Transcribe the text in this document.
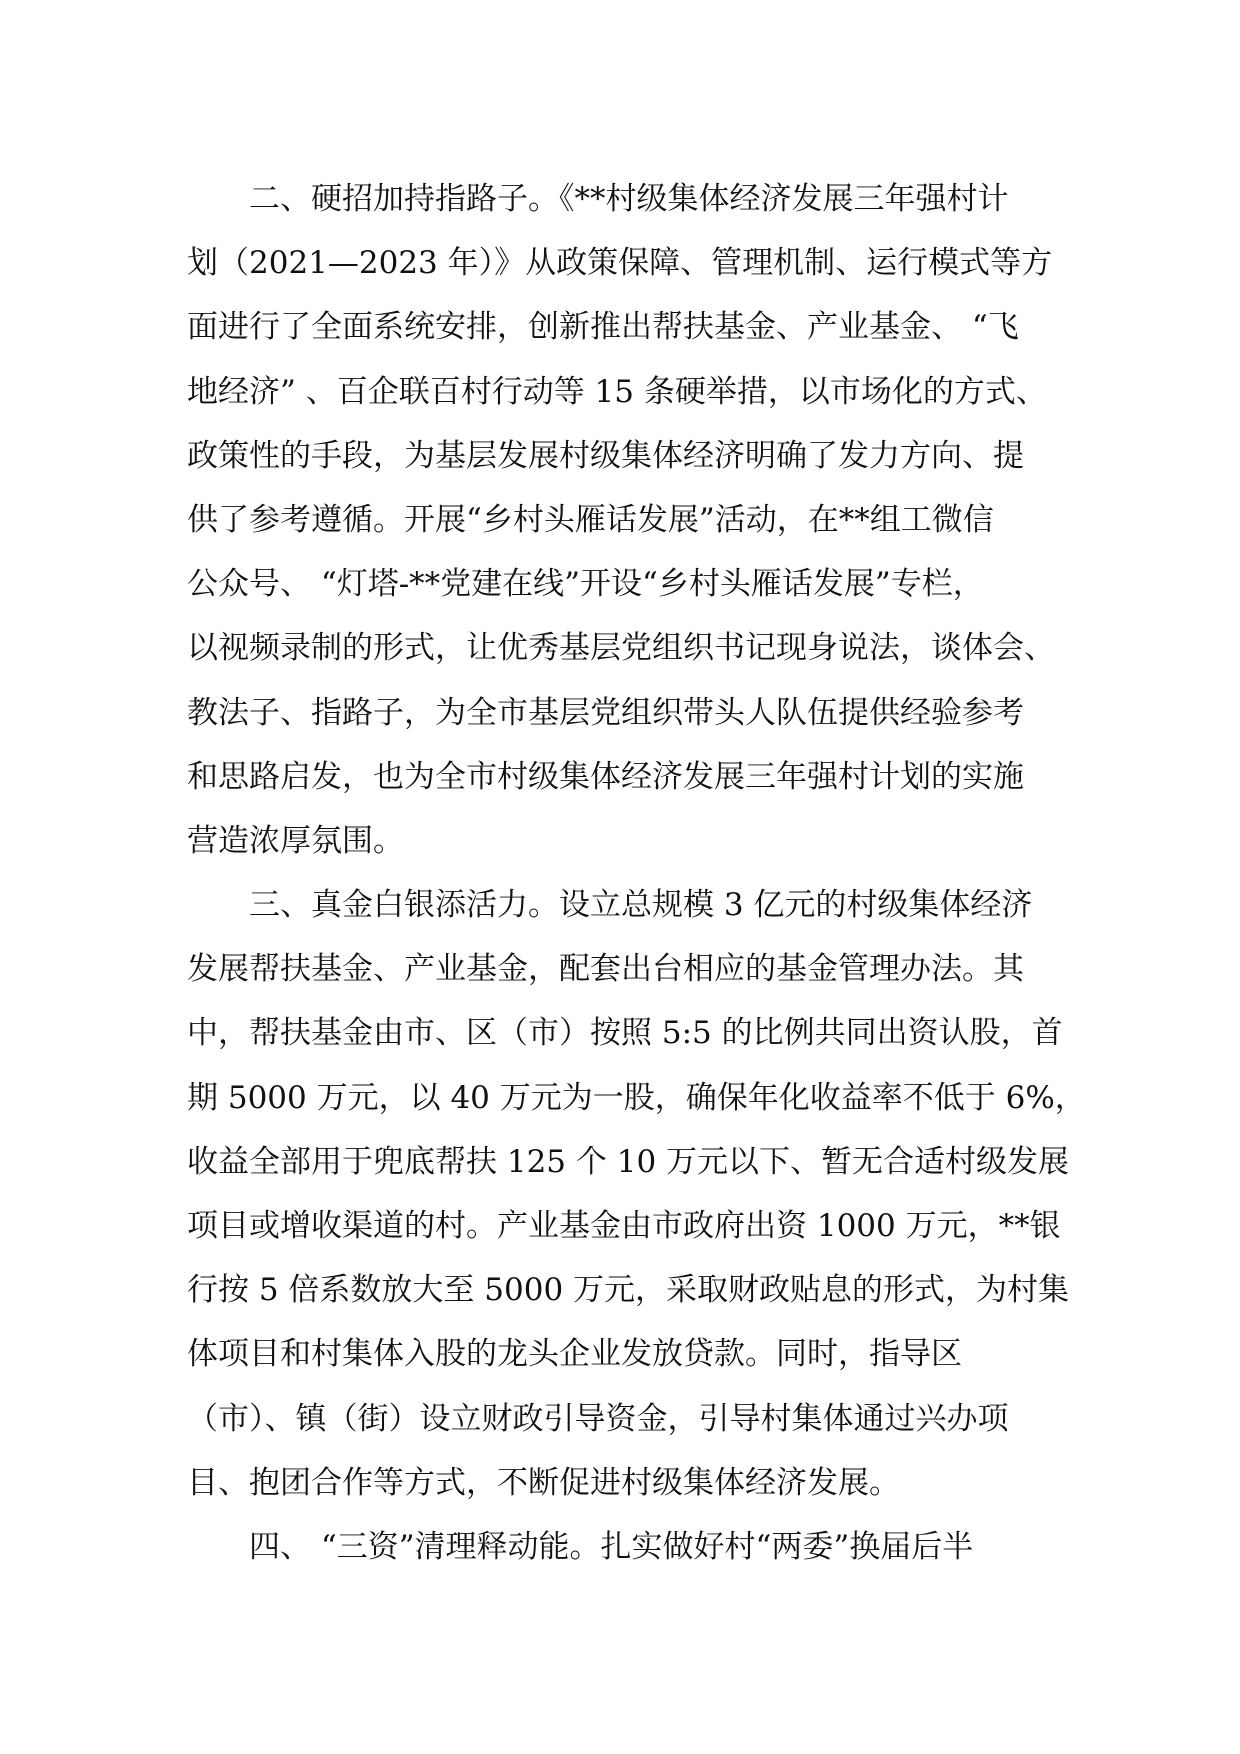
二、硬招加持指路子。《**村级集体经济发展三年强村计
划（2021—2023 年）》从政策保障、管理机制、运行模式等方
面进行了全面系统安排，创新推出帮扶基金、产业基金、 “飞
地经济” 、百企联百村行动等 15 条硬举措，以市场化的方式、
政策性的手段，为基层发展村级集体经济明确了发力方向、提
供了参考遵循。开展“乡村头雁话发展”活动，在**组工微信
公众号、 “灯塔-**党建在线”开设“乡村头雁话发展”专栏，
以视频录制的形式，让优秀基层党组织书记现身说法，谈体会、
教法子、指路子，为全市基层党组织带头人队伍提供经验参考
和思路启发，也为全市村级集体经济发展三年强村计划的实施
营造浓厚氛围。
三、真金白银添活力。设立总规模 3 亿元的村级集体经济
发展帮扶基金、产业基金，配套出台相应的基金管理办法。其
中，帮扶基金由市、区（市）按照 5:5 的比例共同出资认股，首
期 5000 万元，以 40 万元为一股，确保年化收益率不低于 6%，
收益全部用于兜底帮扶 125 个 10 万元以下、暂无合适村级发展
项目或增收渠道的村。产业基金由市政府出资 1000 万元，**银
行按 5 倍系数放大至 5000 万元，采取财政贴息的形式，为村集
体项目和村集体入股的龙头企业发放贷款。同时，指导区
（市）、镇（街）设立财政引导资金，引导村集体通过兴办项
目、抱团合作等方式，不断促进村级集体经济发展。
四、 “三资”清理释动能。扎实做好村“两委”换届后半
